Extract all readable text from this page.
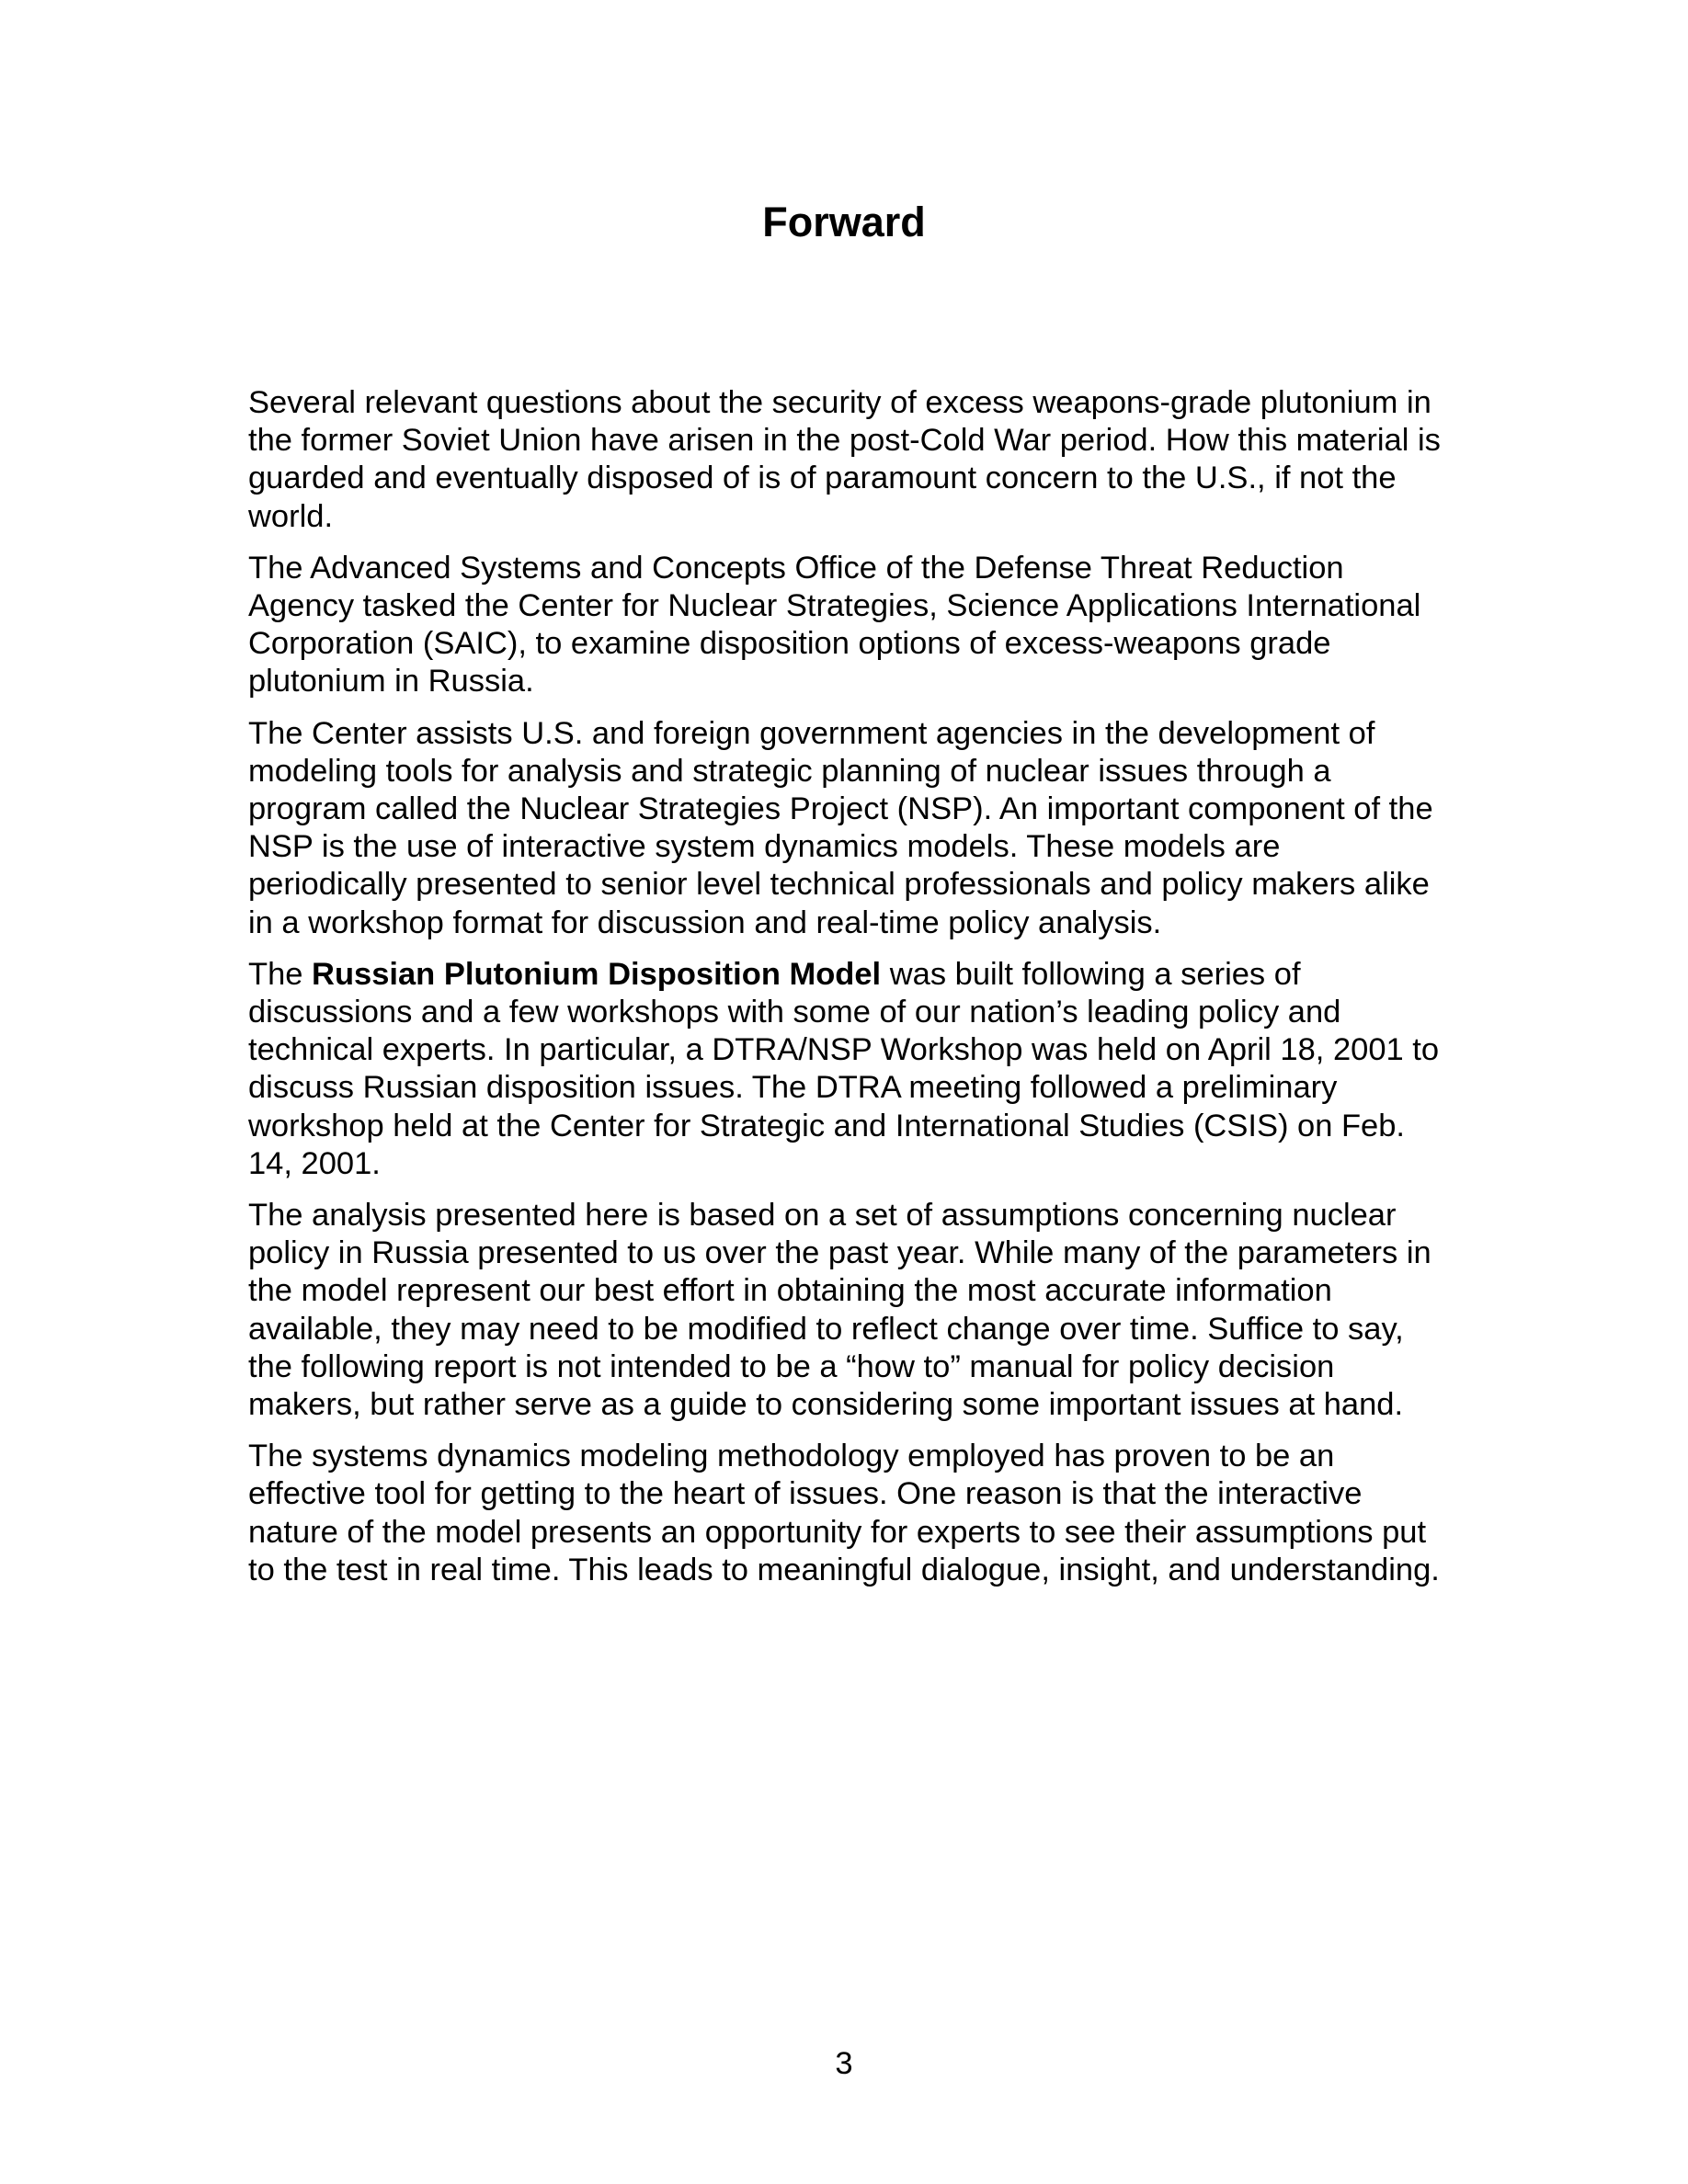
Forward

Several relevant questions about the security of excess weapons-grade plutonium in the former Soviet Union have arisen in the post-Cold War period. How this material is guarded and eventually disposed of is of paramount concern to the U.S., if not the world.

The Advanced Systems and Concepts Office of the Defense Threat Reduction Agency tasked the Center for Nuclear Strategies, Science Applications International Corporation (SAIC), to examine disposition options of excess-weapons grade plutonium in Russia.

The Center assists U.S. and foreign government agencies in the development of modeling tools for analysis and strategic planning of nuclear issues through a program called the Nuclear Strategies Project (NSP). An important component of the NSP is the use of interactive system dynamics models. These models are periodically presented to senior level technical professionals and policy makers alike in a workshop format for discussion and real-time policy analysis.

The Russian Plutonium Disposition Model was built following a series of discussions and a few workshops with some of our nation’s leading policy and technical experts. In particular, a DTRA/NSP Workshop was held on April 18, 2001 to discuss Russian disposition issues. The DTRA meeting followed a preliminary workshop held at the Center for Strategic and International Studies (CSIS) on Feb. 14, 2001.

The analysis presented here is based on a set of assumptions concerning nuclear policy in Russia presented to us over the past year. While many of the parameters in the model represent our best effort in obtaining the most accurate information available, they may need to be modified to reflect change over time. Suffice to say, the following report is not intended to be a “how to” manual for policy decision makers, but rather serve as a guide to considering some important issues at hand.

The systems dynamics modeling methodology employed has proven to be an effective tool for getting to the heart of issues. One reason is that the interactive nature of the model presents an opportunity for experts to see their assumptions put to the test in real time. This leads to meaningful dialogue, insight, and understanding.

3
